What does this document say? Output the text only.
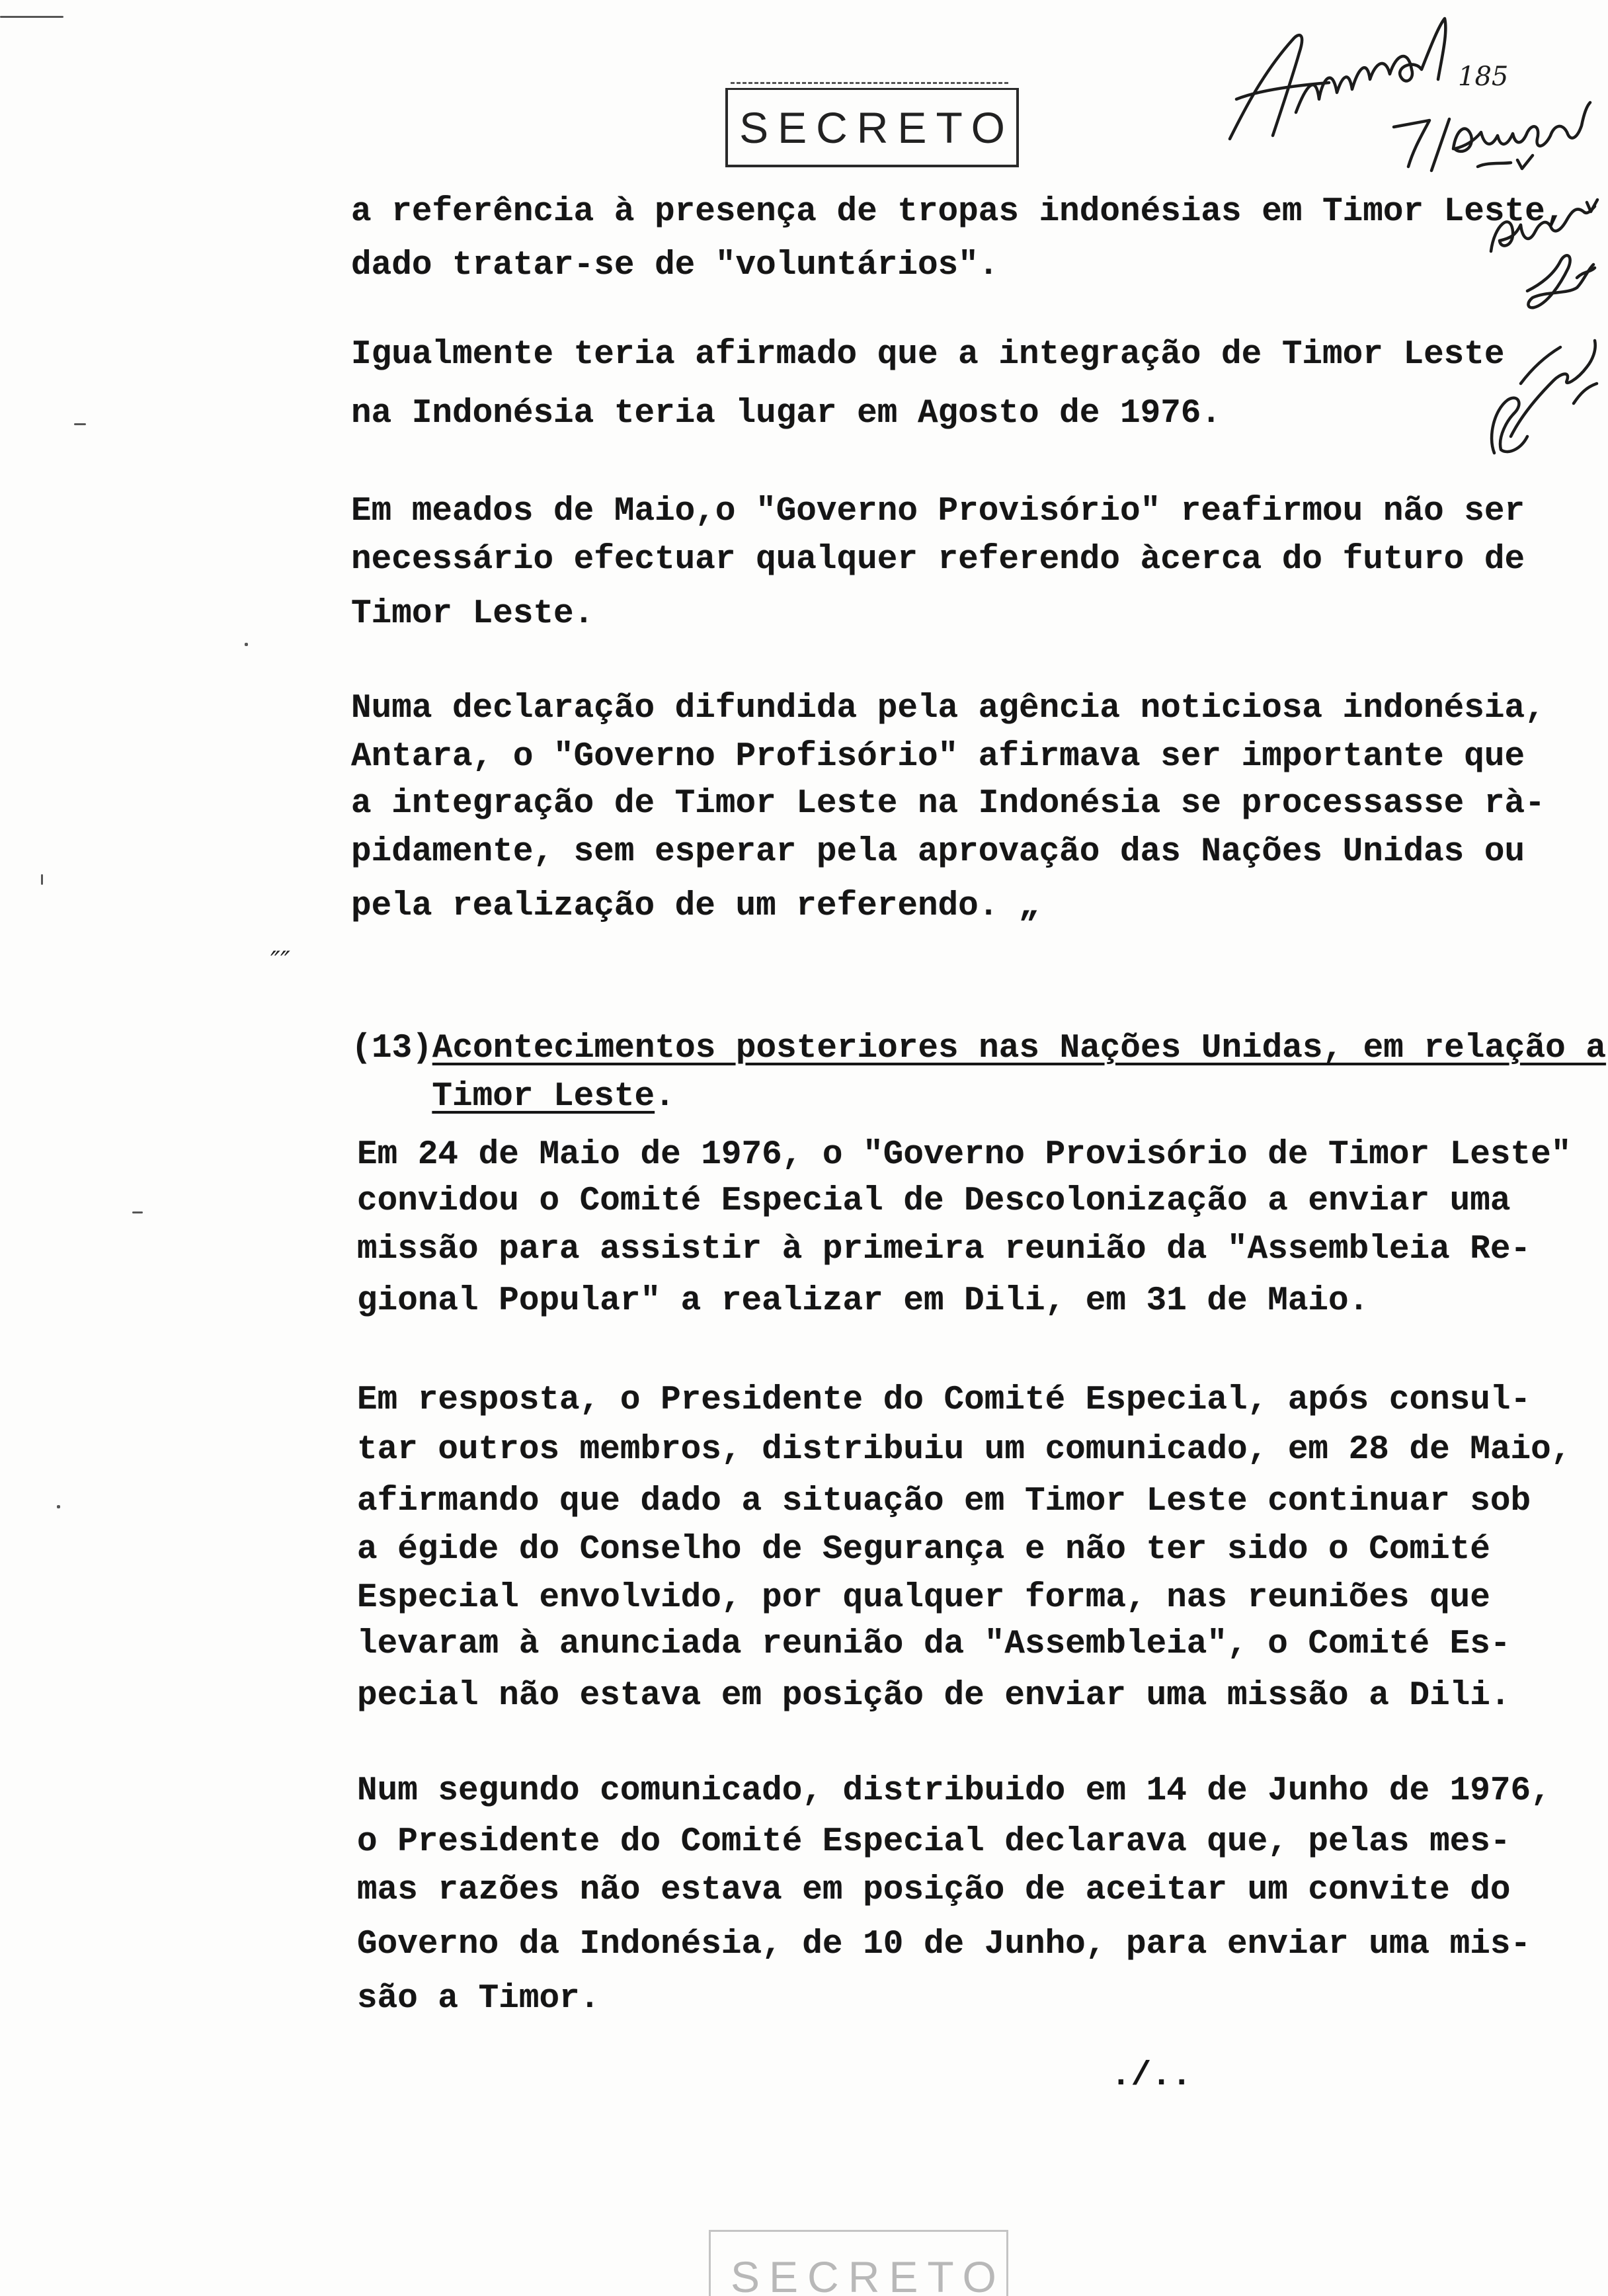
SECRETO
185
a referência à presença de tropas indonésias em Timor Leste,
dado tratar-se de "voluntários".
Igualmente teria afirmado que a integração de Timor Leste
na Indonésia teria lugar em Agosto de 1976.
Em meados de Maio,o "Governo Provisório" reafirmou não ser
necessário efectuar qualquer referendo àcerca do futuro de
Timor Leste.
Numa declaração difundida pela agência noticiosa indonésia,
Antara, o "Governo Profisório" afirmava ser importante que
a integração de Timor Leste na Indonésia se processasse rà-
pidamente, sem esperar pela aprovação das Nações Unidas ou
pela realização de um referendo. „
″″

(13)Acontecimentos posteriores nas Nações Unidas, em relação a

Timor Leste.

Em 24 de Maio de 1976, o "Governo Provisório de Timor Leste"
convidou o Comité Especial de Descolonização a enviar uma
missão para assistir à primeira reunião da "Assembleia Re-
gional Popular" a realizar em Dili, em 31 de Maio.
Em resposta, o Presidente do Comité Especial, após consul-
tar outros membros, distribuiu um comunicado, em 28 de Maio,
afirmando que dado a situação em Timor Leste continuar sob
a égide do Conselho de Segurança e não ter sido o Comité
Especial envolvido, por qualquer forma, nas reuniões que
levaram à anunciada reunião da "Assembleia", o Comité Es-
pecial não estava em posição de enviar uma missão a Dili.
Num segundo comunicado, distribuido em 14 de Junho de 1976,
o Presidente do Comité Especial declarava que, pelas mes-
mas razões não estava em posição de aceitar um convite do
Governo da Indonésia, de 10 de Junho, para enviar uma mis-
são a Timor.
./..
SECRETO
